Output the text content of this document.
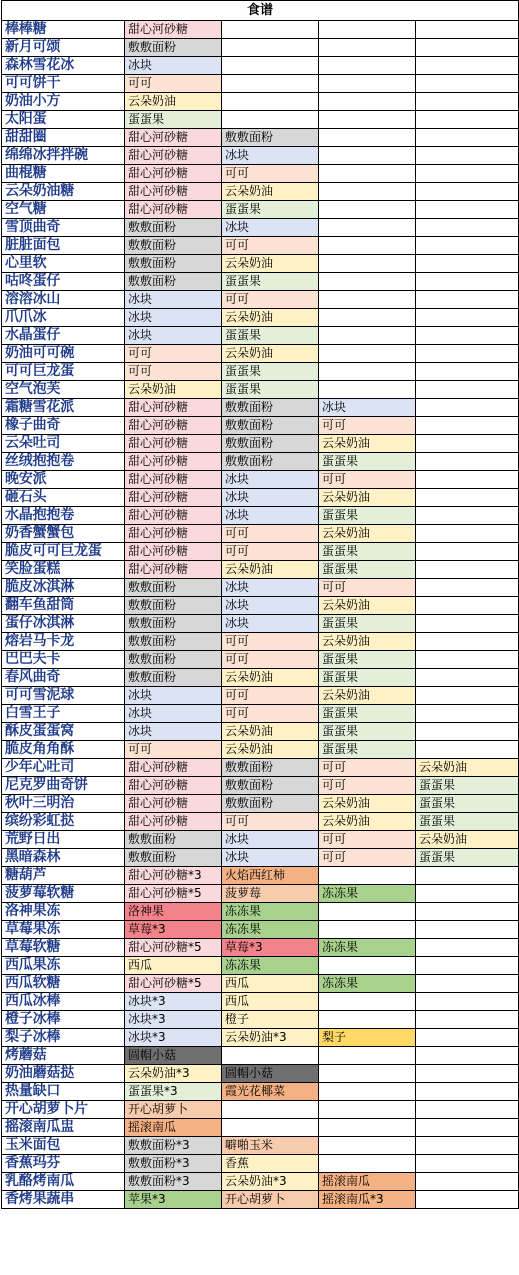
食谱				
棒棒糖	甜心河砂糖			
新月可颂	敷敷面粉			
森林雪花冰	冰块			
可可饼干	可可			
奶油小方	云朵奶油			
太阳蛋	蛋蛋果			
甜甜圈	甜心河砂糖	敷敷面粉		
绵绵冰拌拌碗	甜心河砂糖	冰块		
曲棍糖	甜心河砂糖	可可		
云朵奶油糖	甜心河砂糖	云朵奶油		
空气糖	甜心河砂糖	蛋蛋果		
雪顶曲奇	敷敷面粉	冰块		
脏脏面包	敷敷面粉	可可		
心里软	敷敷面粉	云朵奶油		
咕咚蛋仔	敷敷面粉	蛋蛋果		
溶溶冰山	冰块	可可		
爪爪冰	冰块	云朵奶油		
水晶蛋仔	冰块	蛋蛋果		
奶油可可碗	可可	云朵奶油		
可可巨龙蛋	可可	蛋蛋果		
空气泡芙	云朵奶油	蛋蛋果		
霜糖雪花派	甜心河砂糖	敷敷面粉	冰块	
橡子曲奇	甜心河砂糖	敷敷面粉	可可	
云朵吐司	甜心河砂糖	敷敷面粉	云朵奶油	
丝绒抱抱卷	甜心河砂糖	敷敷面粉	蛋蛋果	
晚安派	甜心河砂糖	冰块	可可	
砸石头	甜心河砂糖	冰块	云朵奶油	
水晶抱抱卷	甜心河砂糖	冰块	蛋蛋果	
奶香蟹蟹包	甜心河砂糖	可可	云朵奶油	
脆皮可可巨龙蛋	甜心河砂糖	可可	蛋蛋果	
笑脸蛋糕	甜心河砂糖	云朵奶油	蛋蛋果	
脆皮冰淇淋	敷敷面粉	冰块	可可	
翻车鱼甜筒	敷敷面粉	冰块	云朵奶油	
蛋仔冰淇淋	敷敷面粉	冰块	蛋蛋果	
熔岩马卡龙	敷敷面粉	可可	云朵奶油	
巴巴夫卡	敷敷面粉	可可	蛋蛋果	
春风曲奇	敷敷面粉	云朵奶油	蛋蛋果	
可可雪泥球	冰块	可可	云朵奶油	
白雪王子	冰块	可可	蛋蛋果	
酥皮蛋蛋窝	冰块	云朵奶油	蛋蛋果	
脆皮角角酥	可可	云朵奶油	蛋蛋果	
少年心吐司	甜心河砂糖	敷敷面粉	可可	云朵奶油
尼克罗曲奇饼	甜心河砂糖	敷敷面粉	可可	蛋蛋果
秋叶三明治	甜心河砂糖	敷敷面粉	云朵奶油	蛋蛋果
缤纷彩虹挞	甜心河砂糖	可可	云朵奶油	蛋蛋果
荒野日出	敷敷面粉	冰块	可可	云朵奶油
黑暗森林	敷敷面粉	冰块	可可	蛋蛋果
糖葫芦	甜心河砂糖*3	火焰西红柿		
菠萝莓软糖	甜心河砂糖*5	菠萝莓	冻冻果	
洛神果冻	洛神果	冻冻果		
草莓果冻	草莓*3	冻冻果		
草莓软糖	甜心河砂糖*5	草莓*3	冻冻果	
西瓜果冻	西瓜	冻冻果		
西瓜软糖	甜心河砂糖*5	西瓜	冻冻果	
西瓜冰棒	冰块*3	西瓜		
橙子冰棒	冰块*3	橙子		
梨子冰棒	冰块*3	云朵奶油*3	梨子	
烤蘑菇	圆帽小菇			
奶油蘑菇挞	云朵奶油*3	圆帽小菇		
热量缺口	蛋蛋果*3	霞光花椰菜		
开心胡萝卜片	开心胡萝卜			
摇滚南瓜盅	摇滚南瓜			
玉米面包	敷敷面粉*3	噼啪玉米		
香蕉玛芬	敷敷面粉*3	香蕉		
乳酪烤南瓜	敷敷面粉*3	云朵奶油*3	摇滚南瓜	
香烤果蔬串	苹果*3	开心胡萝卜	摇滚南瓜*3	
